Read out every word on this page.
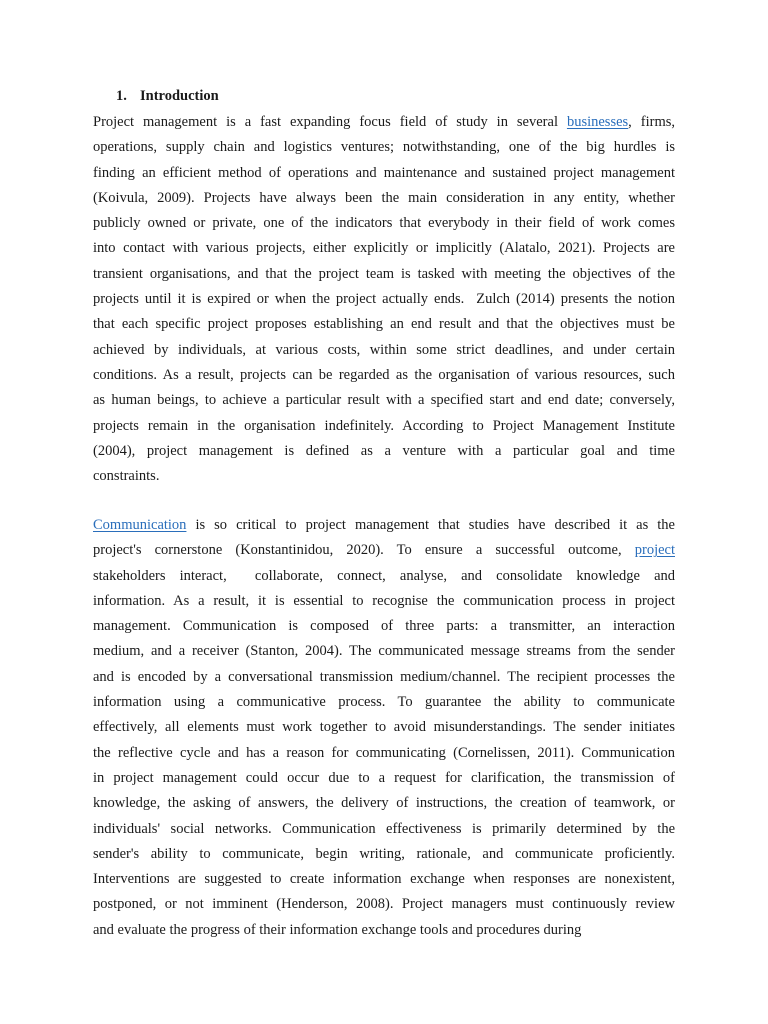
1. Introduction
Project management is a fast expanding focus field of study in several businesses, firms,
operations, supply chain and logistics ventures; notwithstanding, one of the big hurdles is
finding an efficient method of operations and maintenance and sustained project management
(Koivula, 2009). Projects have always been the main consideration in any entity, whether
publicly owned or private, one of the indicators that everybody in their field of work comes
into contact with various projects, either explicitly or implicitly (Alatalo, 2021). Projects are
transient organisations, and that the project team is tasked with meeting the objectives of the
projects until it is expired or when the project actually ends.  Zulch (2014) presents the notion
that each specific project proposes establishing an end result and that the objectives must be
achieved by individuals, at various costs, within some strict deadlines, and under certain
conditions. As a result, projects can be regarded as the organisation of various resources, such
as human beings, to achieve a particular result with a specified start and end date; conversely,
projects remain in the organisation indefinitely. According to Project Management Institute
(2004), project management is defined as a venture with a particular goal and time
constraints.
Communication is so critical to project management that studies have described it as the
project's cornerstone (Konstantinidou, 2020). To ensure a successful outcome, project
stakeholders interact,  collaborate, connect, analyse, and consolidate knowledge and
information. As a result, it is essential to recognise the communication process in project
management. Communication is composed of three parts: a transmitter, an interaction
medium, and a receiver (Stanton, 2004). The communicated message streams from the sender
and is encoded by a conversational transmission medium/channel. The recipient processes the
information using a communicative process. To guarantee the ability to communicate
effectively, all elements must work together to avoid misunderstandings. The sender initiates
the reflective cycle and has a reason for communicating (Cornelissen, 2011). Communication
in project management could occur due to a request for clarification, the transmission of
knowledge, the asking of answers, the delivery of instructions, the creation of teamwork, or
individuals' social networks. Communication effectiveness is primarily determined by the
sender's ability to communicate, begin writing, rationale, and communicate proficiently.
Interventions are suggested to create information exchange when responses are nonexistent,
postponed, or not imminent (Henderson, 2008). Project managers must continuously review
and evaluate the progress of their information exchange tools and procedures during
